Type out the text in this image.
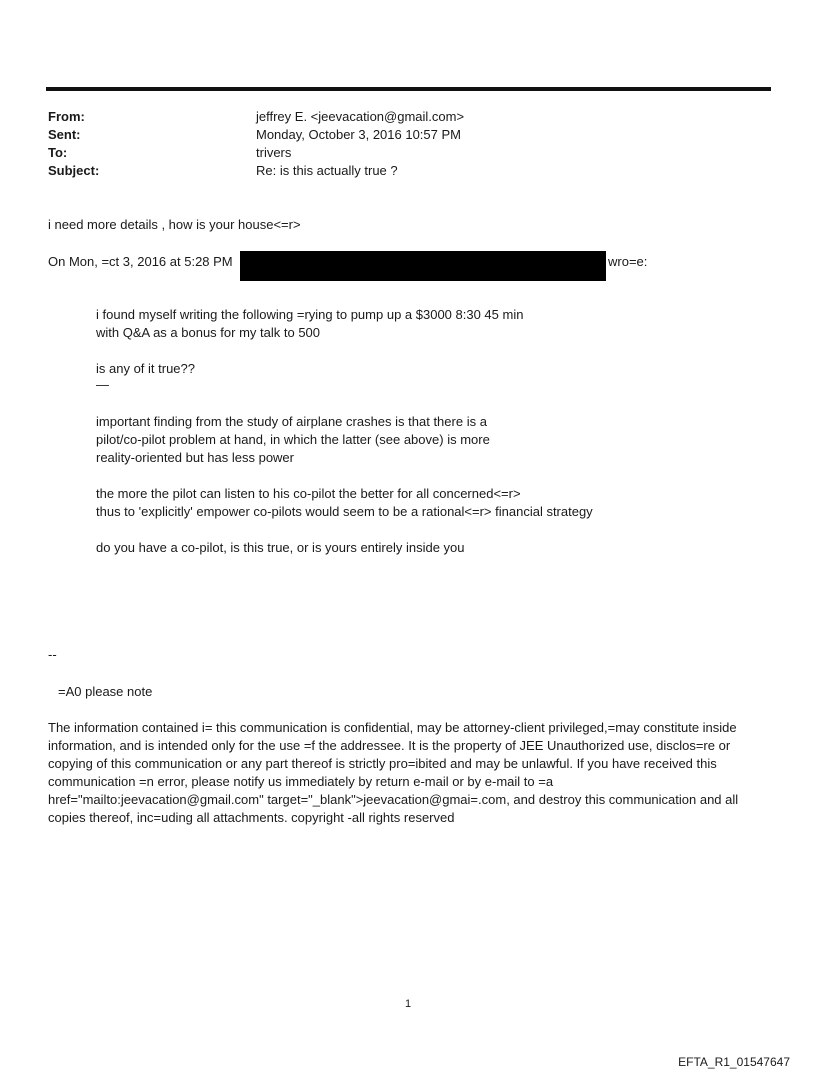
From:	jeffrey E. <jeevacation@gmail.com>
Sent:	Monday, October 3, 2016 10:57 PM
To:	trivers
Subject:	Re: is this actually true ?
i need more details , how is your house<=r>
On Mon, =ct 3, 2016 at 5:28 PM	wro=e:
i found myself writing the following =rying to pump up a $3000 8:30 45 min
with Q&A as a bonus for my talk to 500
is any of it true??
—
important finding from the study of airplane crashes is that there is a
pilot/co-pilot problem at hand, in which the latter (see above) is more
reality-oriented but has less power
the more the pilot can listen to his co-pilot the better for all concerned<=r>
thus to 'explicitly' empower co-pilots would seem to be a rational<=r> financial strategy
do you have a co-pilot, is this true, or is yours entirely inside you
--
=A0 please note
The information contained i= this communication is confidential, may be attorney-client privileged,=may constitute inside information, and is intended only for the use =f the addressee. It is the property of JEE Unauthorized use, disclos=re or copying of this communication or any part thereof is strictly pro=ibited and may be unlawful. If you have received this communication =n error, please notify us immediately by return e-mail or by e-mail to =a href="mailto:jeevacation@gmail.com" target="_blank">jeevacation@gmai=.com, and destroy this communication and all copies thereof, inc=uding all attachments. copyright -all rights reserved
1
EFTA_R1_01547647
